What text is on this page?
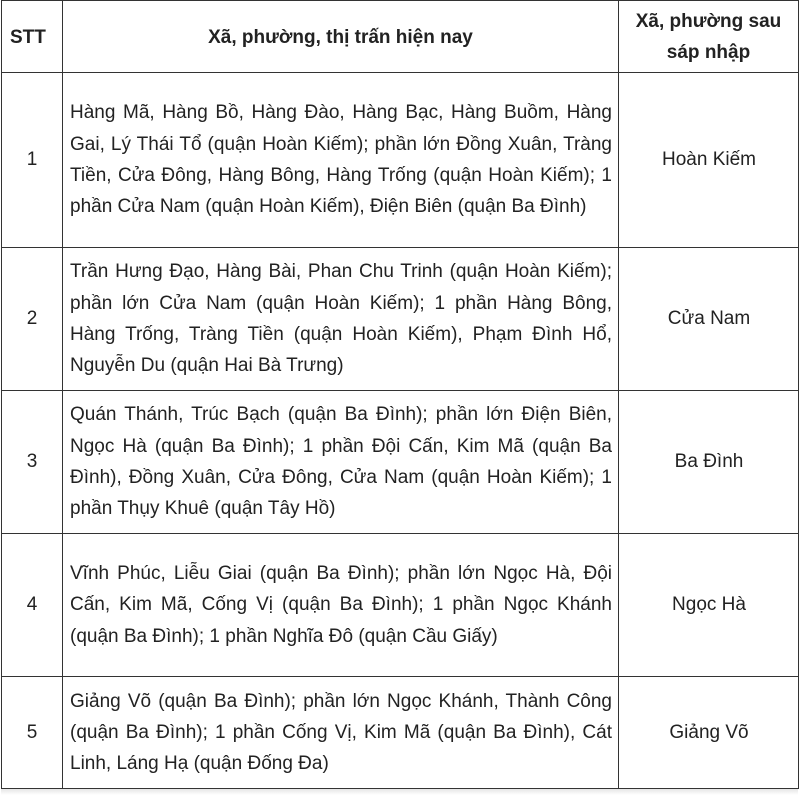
STT	Xã, phường, thị trấn hiện nay	Xã, phường sau
sáp nhập
1	Hàng Mã, Hàng Bồ, Hàng Đào, Hàng Bạc, Hàng Buồm, Hàng Gai, Lý Thái Tổ (quận Hoàn Kiếm); phần lớn Đồng Xuân, Tràng Tiền, Cửa Đông, Hàng Bông, Hàng Trống (quận Hoàn Kiếm); 1 phần Cửa Nam (quận Hoàn Kiếm), Điện Biên (quận Ba Đình)	Hoàn Kiếm
2	Trần Hưng Đạo, Hàng Bài, Phan Chu Trinh (quận Hoàn Kiếm); phần lớn Cửa Nam (quận Hoàn Kiếm); 1 phần Hàng Bông, Hàng Trống, Tràng Tiền (quận Hoàn Kiếm), Phạm Đình Hổ, Nguyễn Du (quận Hai Bà Trưng)	Cửa Nam
3	Quán Thánh, Trúc Bạch (quận Ba Đình); phần lớn Điện Biên, Ngọc Hà (quận Ba Đình); 1 phần Đội Cấn, Kim Mã (quận Ba Đình), Đồng Xuân, Cửa Đông, Cửa Nam (quận Hoàn Kiếm); 1 phần Thụy Khuê (quận Tây Hồ)	Ba Đình
4	Vĩnh Phúc, Liễu Giai (quận Ba Đình); phần lớn Ngọc Hà, Đội Cấn, Kim Mã, Cống Vị (quận Ba Đình); 1 phần Ngọc Khánh (quận Ba Đình); 1 phần Nghĩa Đô (quận Cầu Giấy)	Ngọc Hà
5	Giảng Võ (quận Ba Đình); phần lớn Ngọc Khánh, Thành Công (quận Ba Đình); 1 phần Cống Vị, Kim Mã (quận Ba Đình), Cát Linh, Láng Hạ (quận Đống Đa)	Giảng Võ
